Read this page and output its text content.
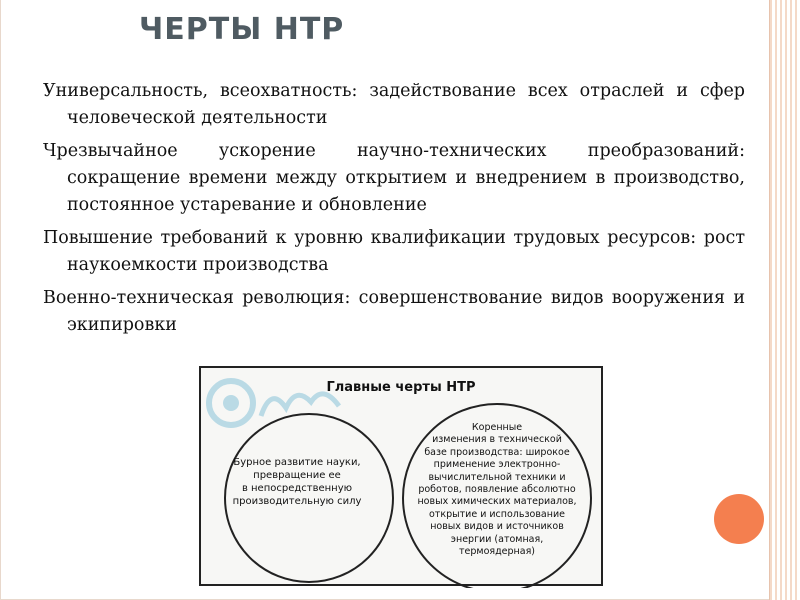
ЧЕРТЫ НТР

Универсальность, всеохватность: задействование всех отраслей и сфер человеческой деятельности

Чрезвычайное ускорение научно-технических преобразований: сокращение времени между открытием и внедрением в производство, постоянное устаревание и обновление

Повышение требований к уровню квалификации трудовых ресурсов: рост наукоемкости производства

Военно-техническая революция: совершенствование видов вооружения и экипировки

Главные черты НТР
Бурное развитие науки,
превращение ее
в непосредственную
производительную силу
Коренные
изменения в технической
базе производства: широкое
применение электронно-
вычислительной техники и
роботов, появление абсолютно
новых химических материалов,
открытие и использование
новых видов и источников
энергии (атомная,
термоядерная)
